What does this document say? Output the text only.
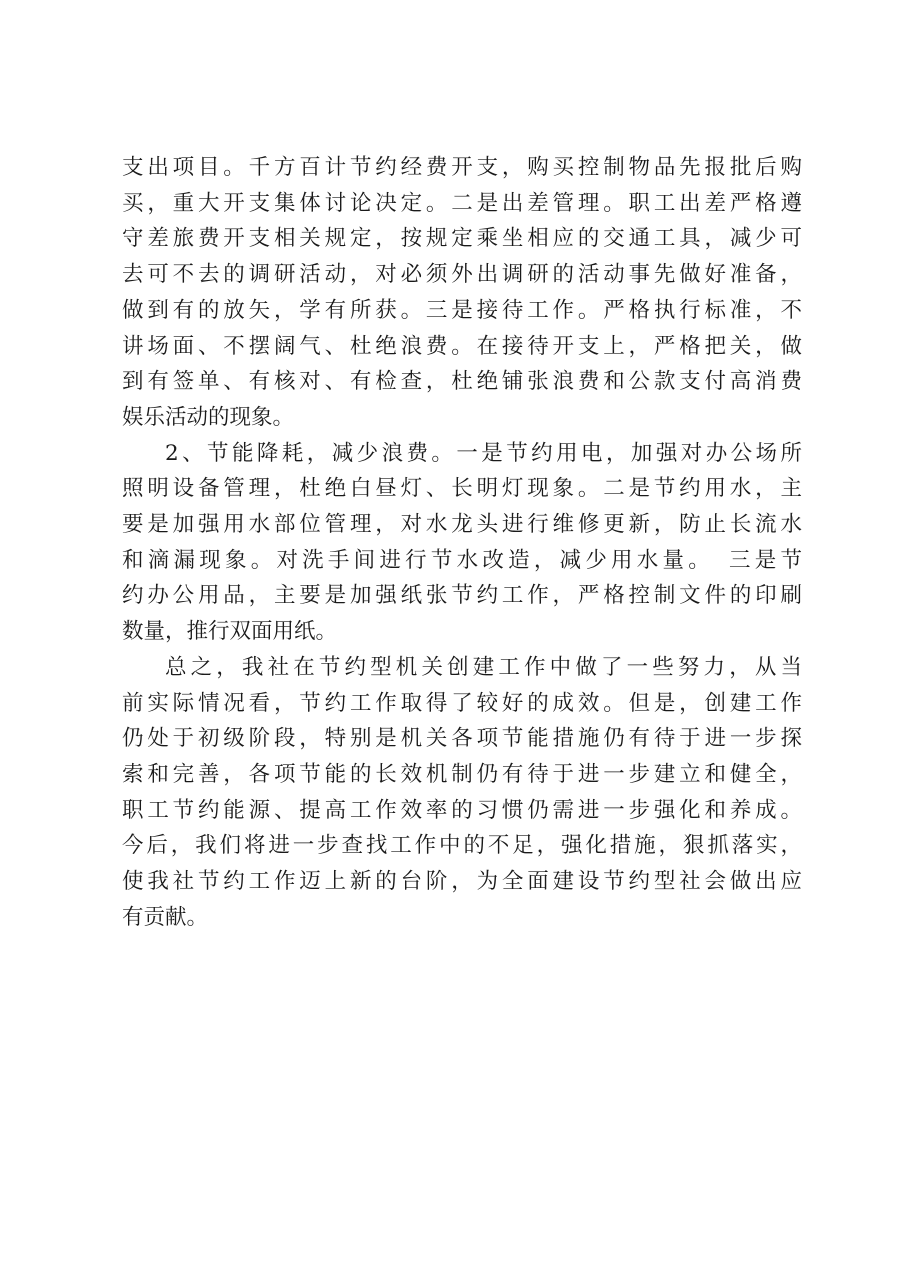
支出项目。千方百计节约经费开支，购买控制物品先报批后购
买，重大开支集体讨论决定。二是出差管理。职工出差严格遵
守差旅费开支相关规定，按规定乘坐相应的交通工具，减少可
去可不去的调研活动，对必须外出调研的活动事先做好准备，
做到有的放矢，学有所获。三是接待工作。严格执行标准，不
讲场面、不摆阔气、杜绝浪费。在接待开支上，严格把关，做
到有签单、有核对、有检查，杜绝铺张浪费和公款支付高消费
娱乐活动的现象。
2、节能降耗，减少浪费。一是节约用电，加强对办公场所
照明设备管理，杜绝白昼灯、长明灯现象。二是节约用水，主
要是加强用水部位管理，对水龙头进行维修更新，防止长流水
和滴漏现象。对洗手间进行节水改造，减少用水量。　三是节
约办公用品，主要是加强纸张节约工作，严格控制文件的印刷
数量，推行双面用纸。
总之，我社在节约型机关创建工作中做了一些努力，从当
前实际情况看，节约工作取得了较好的成效。但是，创建工作
仍处于初级阶段，特别是机关各项节能措施仍有待于进一步探
索和完善，各项节能的长效机制仍有待于进一步建立和健全，
职工节约能源、提高工作效率的习惯仍需进一步强化和养成。
今后，我们将进一步查找工作中的不足，强化措施，狠抓落实，
使我社节约工作迈上新的台阶，为全面建设节约型社会做出应
有贡献。
